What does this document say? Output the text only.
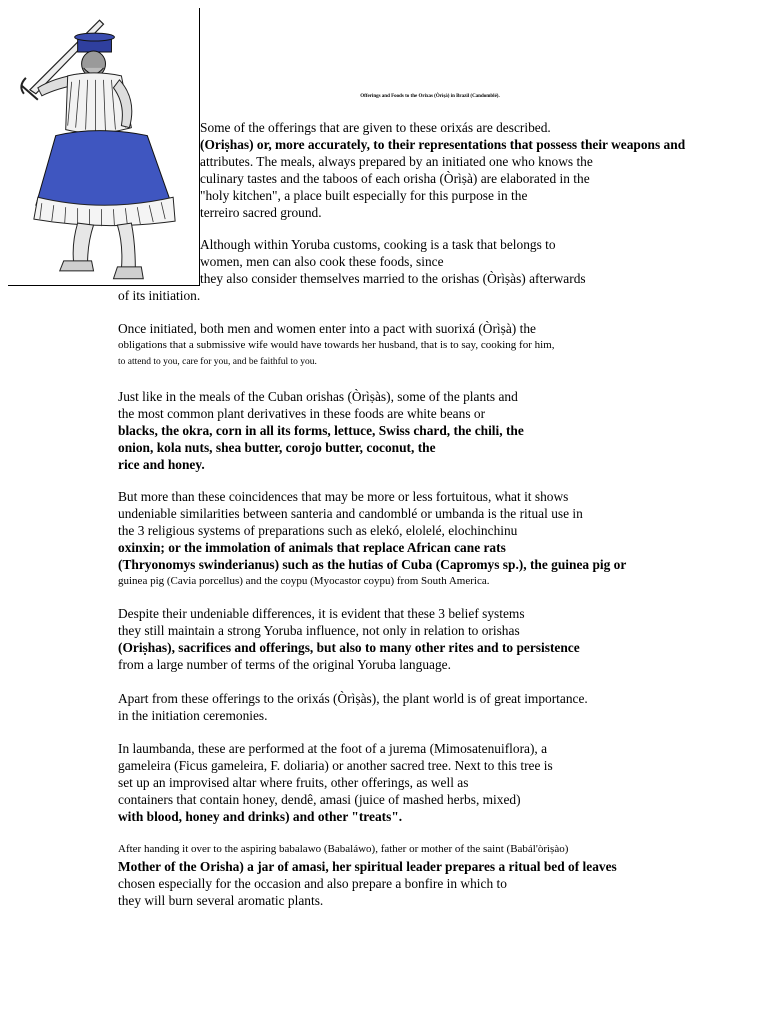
Offerings and Foods to the Orixas (Òrìṣà) in Brazil (Candomblé).
Some of the offerings that are given to these orixás are described.
(Oriṣhas) or, more accurately, to their representations that possess their weapons and
attributes. The meals, always prepared by an initiated one who knows the
culinary tastes and the taboos of each orisha (Òrìṣà) are elaborated in the
"holy kitchen", a place built especially for this purpose in the
terreiro sacred ground.
Although within Yoruba customs, cooking is a task that belongs to
women, men can also cook these foods, since
they also consider themselves married to the orishas (Òrìṣàs) afterwards
of its initiation.
Once initiated, both men and women enter into a pact with suorixá (Òrìṣà) the
obligations that a submissive wife would have towards her husband, that is to say, cooking for him,
to attend to you, care for you, and be faithful to you.
Just like in the meals of the Cuban orishas (Òrìṣàs), some of the plants and
the most common plant derivatives in these foods are white beans or
blacks, the okra, corn in all its forms, lettuce, Swiss chard, the chili, the
onion, kola nuts, shea butter, corojo butter, coconut, the
rice and honey.
But more than these coincidences that may be more or less fortuitous, what it shows
undeniable similarities between santeria and candomblé or umbanda is the ritual use in
the 3 religious systems of preparations such as elekó, elolelé, elochinchinu
oxinxin; or the immolation of animals that replace African cane rats
(Thryonomys swinderianus) such as the hutias of Cuba (Capromys sp.), the guinea pig or
guinea pig (Cavia porcellus) and the coypu (Myocastor coypu) from South America.
Despite their undeniable differences, it is evident that these 3 belief systems
they still maintain a strong Yoruba influence, not only in relation to orishas
(Oriṣhas), sacrifices and offerings, but also to many other rites and to persistence
from a large number of terms of the original Yoruba language.
Apart from these offerings to the orixás (Òrìṣàs), the plant world is of great importance.
in the initiation ceremonies.
In laumbanda, these are performed at the foot of a jurema (Mimosatenuiflora), a
gameleira (Ficus gameleira, F. doliaria) or another sacred tree. Next to this tree is
set up an improvised altar where fruits, other offerings, as well as
containers that contain honey, dendê, amasi (juice of mashed herbs, mixed)
with blood, honey and drinks) and other "treats".
After handing it over to the aspiring babalawo (Babaláwo), father or mother of the saint (Babál'òrìṣào)
Mother of the Orisha) a jar of amasi, her spiritual leader prepares a ritual bed of leaves
chosen especially for the occasion and also prepare a bonfire in which to
they will burn several aromatic plants.
